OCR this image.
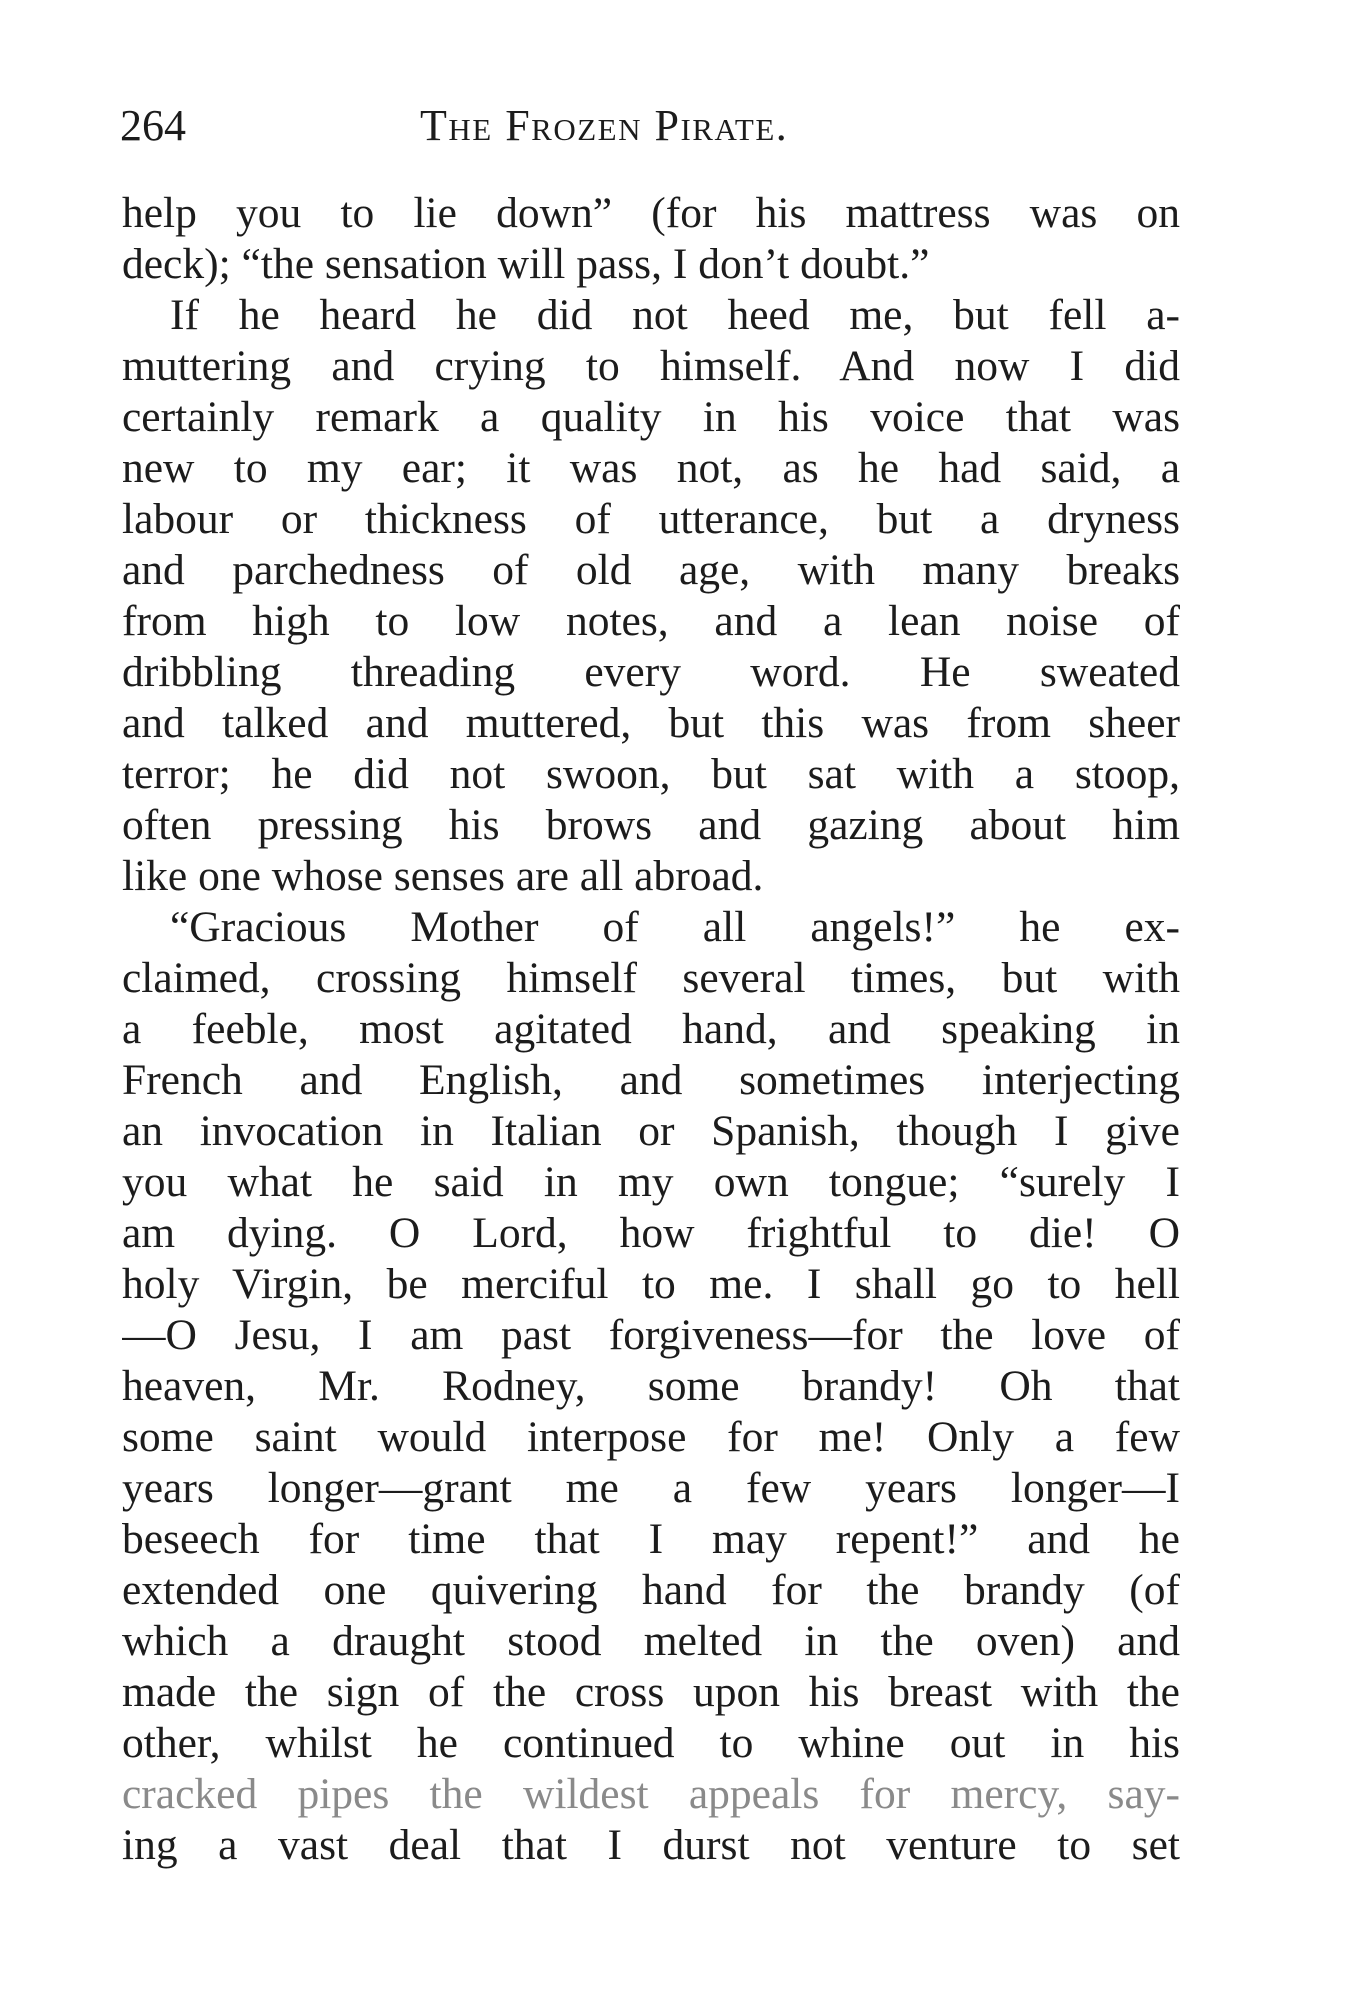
264	The Frozen Pirate.
help you to lie down” (for his mattress was on
deck); “the sensation will pass, I don’t doubt.”
If he heard he did not heed me, but fell a-
muttering and crying to himself. And now I did
certainly remark a quality in his voice that was
new to my ear; it was not, as he had said, a
labour or thickness of utterance, but a dryness
and parchedness of old age, with many breaks
from high to low notes, and a lean noise of
dribbling threading every word. He sweated
and talked and muttered, but this was from sheer
terror; he did not swoon, but sat with a stoop,
often pressing his brows and gazing about him
like one whose senses are all abroad.
“Gracious Mother of all angels!” he ex-
claimed, crossing himself several times, but with
a feeble, most agitated hand, and speaking in
French and English, and sometimes interjecting
an invocation in Italian or Spanish, though I give
you what he said in my own tongue; “surely I
am dying. O Lord, how frightful to die! O
holy Virgin, be merciful to me. I shall go to hell
—O Jesu, I am past forgiveness—for the love of
heaven, Mr. Rodney, some brandy! Oh that
some saint would interpose for me! Only a few
years longer—grant me a few years longer—I
beseech for time that I may repent!” and he
extended one quivering hand for the brandy (of
which a draught stood melted in the oven) and
made the sign of the cross upon his breast with the
other, whilst he continued to whine out in his
cracked pipes the wildest appeals for mercy, say-
ing a vast deal that I durst not venture to set
